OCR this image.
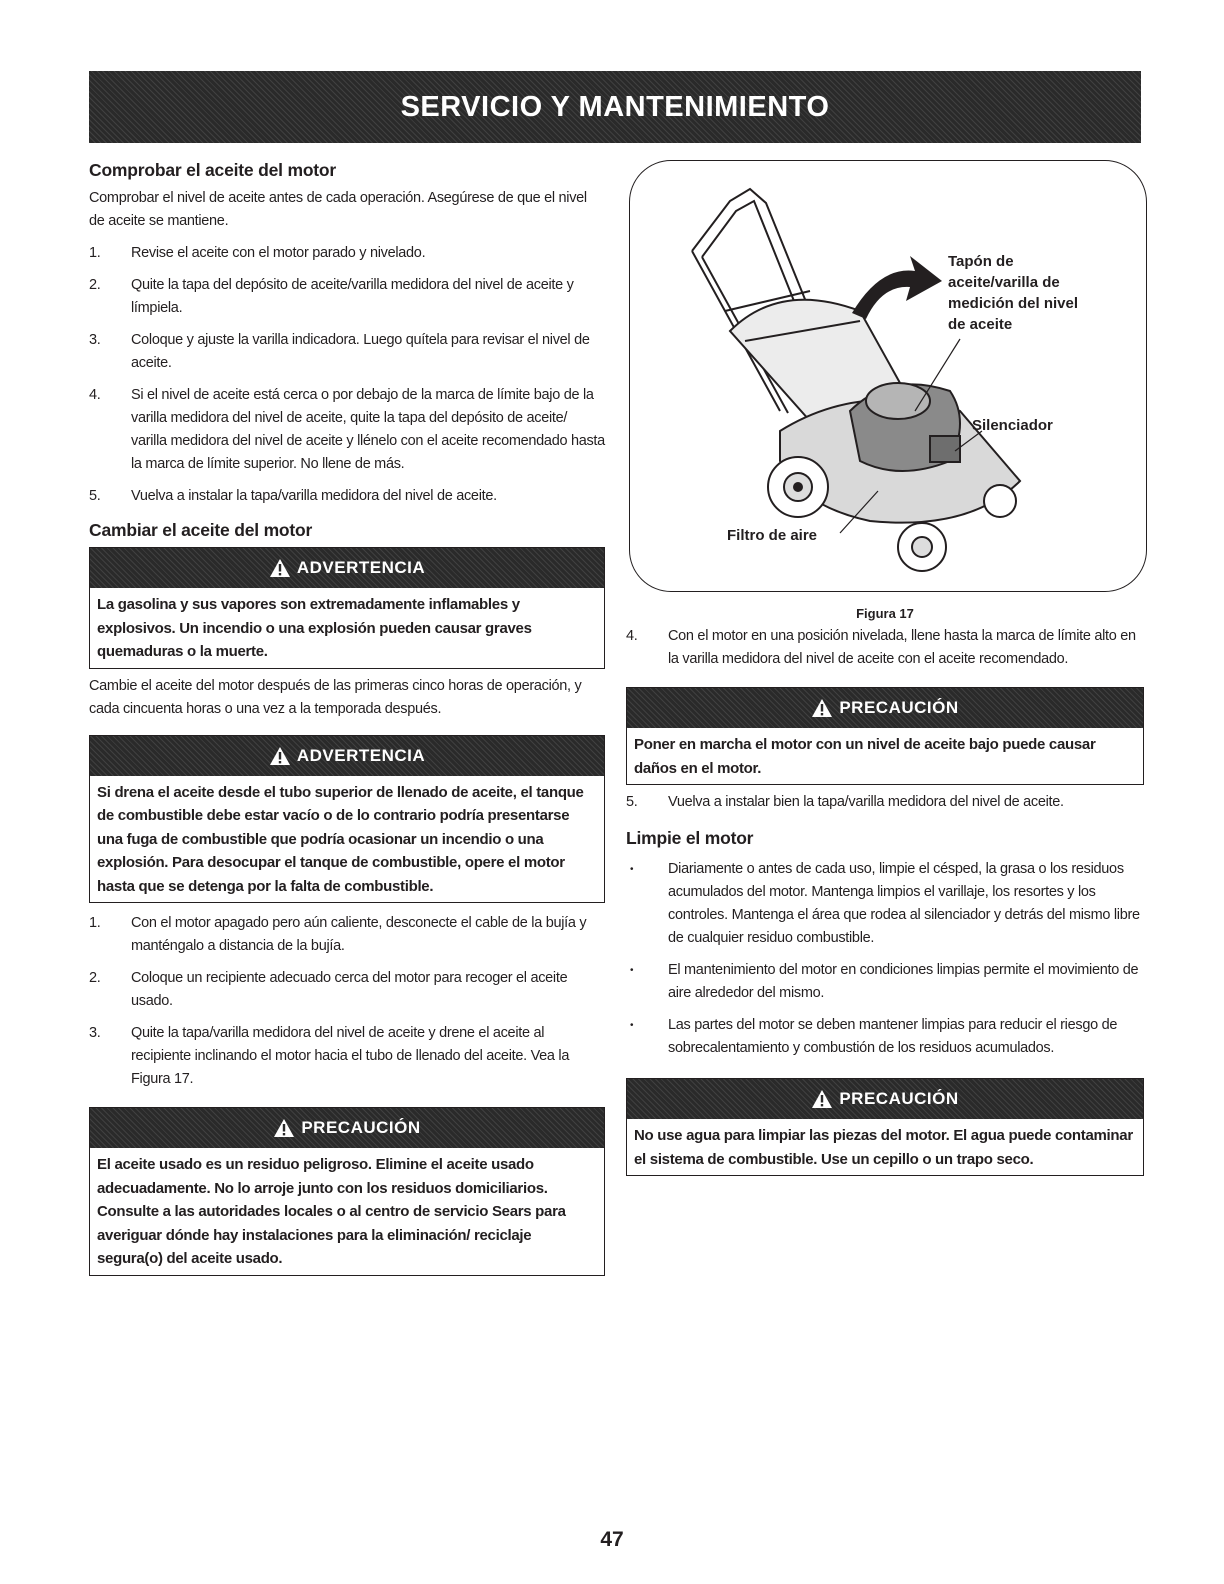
SERVICIO Y MANTENIMIENTO
Comprobar el aceite del motor

Comprobar el nivel de aceite antes de cada operación. Asegúrese de que el nivel de aceite se mantiene.

1.	Revise el aceite con el motor parado y nivelado.
2.	Quite la tapa del depósito de aceite/varilla medidora del nivel de aceite y límpiela.
3.	Coloque y ajuste la varilla indicadora. Luego quítela para revisar el nivel de aceite.
4.	Si el nivel de aceite está cerca o por debajo de la marca de límite bajo de la varilla medidora del nivel de aceite, quite la tapa del depósito de aceite/ varilla medidora del nivel de aceite y llénelo con el aceite recomendado hasta la marca de límite superior. No llene de más.
5.	Vuelva a instalar la tapa/varilla medidora del nivel de aceite.
Cambiar el aceite del motor
ADVERTENCIA
La gasolina y sus vapores son extremadamente inflamables y explosivos. Un incendio o una explosión pueden causar graves quemaduras o la muerte.

Cambie el aceite del motor después de las primeras cinco horas de operación, y cada cincuenta horas o una vez a la temporada después.

ADVERTENCIA
Si drena el aceite desde el tubo superior de llenado de aceite, el tanque de combustible debe estar vacío o de lo contrario podría presentarse una fuga de combustible que podría ocasionar un incendio o una explosión. Para desocupar el tanque de combustible, opere el motor hasta que se detenga por la falta de combustible.
1.	Con el motor apagado pero aún caliente, desconecte el cable de la bujía y manténgalo a distancia de la bujía.
2.	Coloque un recipiente adecuado cerca del motor para recoger el aceite usado.
3.	Quite la tapa/varilla medidora del nivel de aceite y drene el aceite al recipiente inclinando el motor hacia el tubo de llenado del aceite. Vea la Figura 17.
PRECAUCIÓN
El aceite usado es un residuo peligroso. Elimine el aceite usado adecuadamente. No lo arroje junto con los residuos domiciliarios. Consulte a las autoridades locales o al centro de servicio Sears para averiguar dónde hay instalaciones para la eliminación/ reciclaje segura(o) del aceite usado.
Tapón de
aceite/varilla de
medición del nivel
de aceite
Silenciador
Filtro de aire
Figura 17
4.	Con el motor en una posición nivelada, llene hasta la marca de límite alto en la varilla medidora del nivel de aceite con el aceite recomendado.
PRECAUCIÓN
Poner en marcha el motor con un nivel de aceite bajo puede causar daños en el motor.
5.	Vuelva a instalar bien la tapa/varilla medidora del nivel de aceite.
Limpie el motor
•	Diariamente o antes de cada uso, limpie el césped, la grasa o los residuos acumulados del motor. Mantenga limpios el varillaje, los resortes y los controles. Mantenga el área que rodea al silenciador y detrás del mismo libre de cualquier residuo combustible.
•	El mantenimiento del motor en condiciones limpias permite el movimiento de aire alrededor del mismo.
•	Las partes del motor se deben mantener limpias para reducir el riesgo de sobrecalentamiento y combustión de los residuos acumulados.
PRECAUCIÓN
No use agua para limpiar las piezas del motor. El agua puede contaminar el sistema de combustible. Use un cepillo o un trapo seco.
47
